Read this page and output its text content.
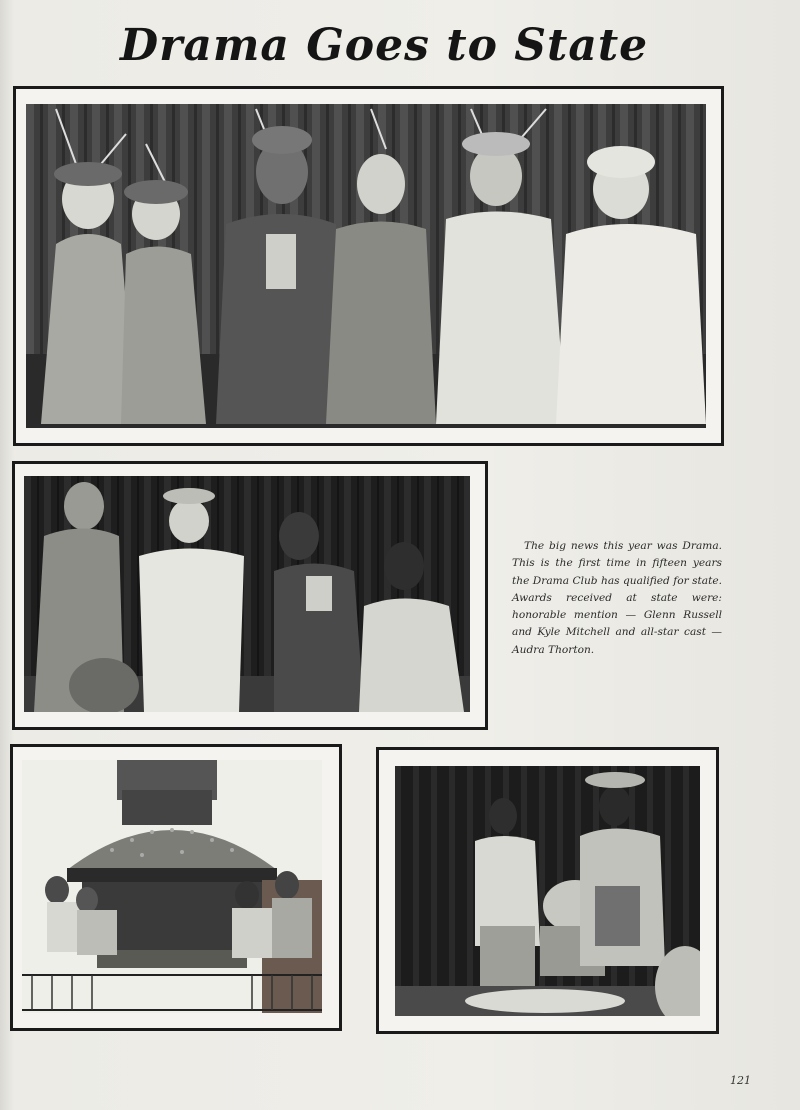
Drama Goes to State
The big news this year was Drama. This is the first time in fifteen years the Drama Club has qualified for state. Awards received at state were: honorable mention — Glenn Russell and Kyle Mitchell and all-star cast — Audra Thorton.
121
